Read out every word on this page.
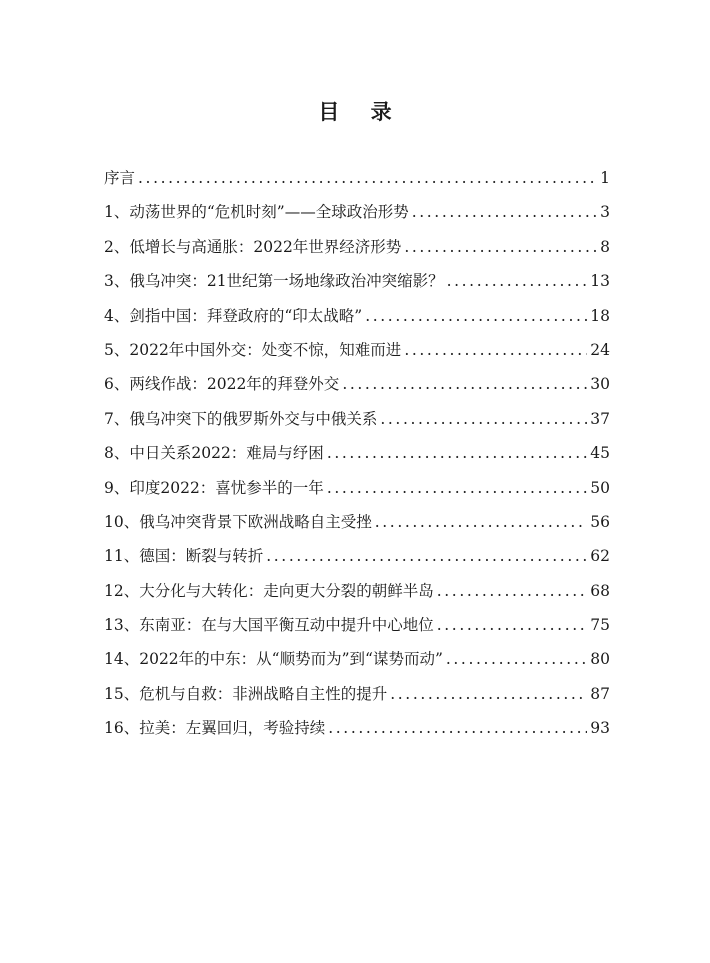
目 录
序言 .....	1
1、动荡世界的“危机时刻”——全球政治形势 .....	3
2、低增长与高通胀：2022年世界经济形势 .....	8
3、俄乌冲突：21世纪第一场地缘政治冲突缩影？ .....	13
4、剑指中国：拜登政府的“印太战略” .....	18
5、2022年中国外交：处变不惊，知难而进 .....	24
6、两线作战：2022年的拜登外交 .....	30
7、俄乌冲突下的俄罗斯外交与中俄关系 .....	37
8、中日关系2022：难局与纾困 .....	45
9、印度2022：喜忧参半的一年 .....	50
10、俄乌冲突背景下欧洲战略自主受挫 .....	56
11、德国：断裂与转折 .....	62
12、大分化与大转化：走向更大分裂的朝鲜半岛 .....	68
13、东南亚：在与大国平衡互动中提升中心地位 .....	75
14、2022年的中东：从“顺势而为”到“谋势而动” .....	80
15、危机与自救：非洲战略自主性的提升 .....	87
16、拉美：左翼回归，考验持续 .....	93
